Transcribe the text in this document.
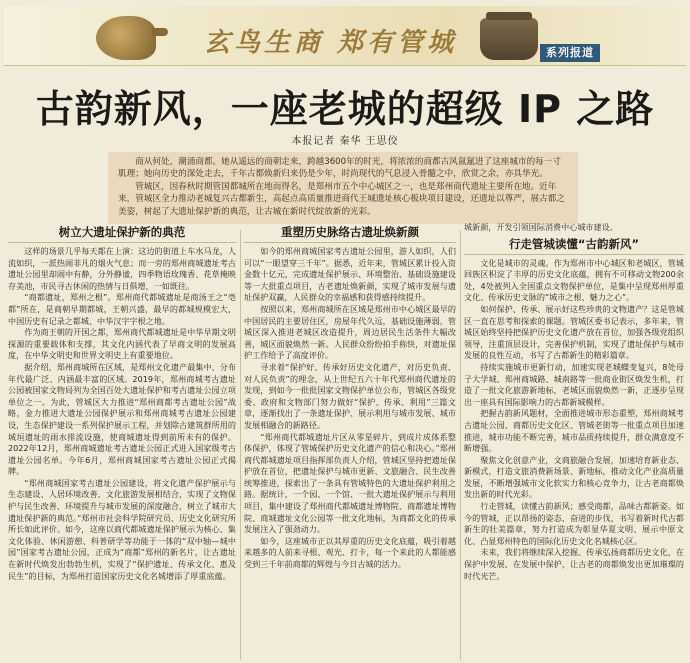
玄鸟生商 郑有管城	系列报道
古韵新风，一座老城的超级 IP 之路
本报记者 秦华 王思佼

商从何处，潮涌商都。她从遥远的商朝走来，跨越3600年的时光，将浓浓的商都古风氤氲进了这座城市的每一寸肌理；她向历史的深处走去，千年古都焕新归来仍是少年，时尚现代的气息浸入骨髓之中，欣赏之余，亦具华光。

管城区，因春秋时期管国都城所在地而得名，是郑州市五个中心城区之一，也是郑州商代遗址主要所在地。近年来，管城区全力推动老城复兴古都新生，高起点高质量推进商代王城遗址核心板块项目建设，还遗址以尊严，展古都之美姿，树起了大遗址保护新的典范，让古城在新时代绽放新的光彩。

树立大遗址保护新的典范

这样的场景几乎每天都在上演：这边的街道上车水马龙，人流如织，一派热闹非凡的烟火气息；而一旁的郑州商城遗址考古遗址公园里却闹中有静，分外静谧，四季物语玫瑰香、花草掩映存美池，市民寻古休闲的热情与日俱增，一如既往。

“商都遗址，郑州之根”。郑州商代都城遗址是商汤王之“亳都”所在，是商朝早期都城，王朝兴盛，最早的都城规模宏大，中国历史有记录之都城、中华汉字字根之地。

作为商王朝的开国之都，郑州商代都城遗址是中华早期文明探源的重要载体和支撑，其文化内涵代表了早商文明的发展高度，在中华文明史和世界文明史上有重要地位。

据介绍，郑州商城所在区域，是郑州文化遗产最集中、分布年代最广泛、内涵最丰富的区域。2019年，郑州商城考古遗址公园被国家文物局列为全国百处大遗址保护和考古遗址公园立项单位之一。为此，管城区大力推进“郑州商都考古遗址公园”战略，金力推进大遗址公园保护展示和郑州商城考古遗址公园建设，生态保护建设一系列保护展示工程，并划除古建筑群所用的城垣遗址的雨水排流设施，使商城遗址得到前所未有的保护。2022年12月，郑州商城遗址考古遗址公园正式进入国家级考古遗址公园名单。今年6月，郑州商城国家考古遗址公园正式揭牌。

“郑州商城国家考古遗址公园建设，将文化遗产保护展示与生态建设、人居环境改善、文化旅游发展相结合，实现了文物保护与民生改善、环境提升与城市发展的深度融合，树立了城市大遗址保护新的典范。”郑州市社会科学院研究员、历史文化研究所所长如此评价。如今，这座以商代都城遗址保护展示为核心、集文化体验、休闲游憩、科普研学等功能于一体的“双中轴—城中园”国家考古遗址公园，正成为“商都”郑州的新名片，让古遗址在新时代焕发出勃勃生机，实现了“保护遗址、传承文化、惠及民生”的目标，为郑州打造国家历史文化名城增添了厚重底蕴。

重塑历史脉络古遗址焕新颜

如今的郑州商城国家考古遗址公园里，游人如织，人们可以“一眼望穿三千年”。据悉，近年来，管城区累计投入资金数十亿元，完成遗址保护展示、环境整治、基础设施建设等一大批重点项目，古老遗址焕新颜，实现了城市发展与遗址保护双赢，人民群众的幸福感和获得感持续提升。

按照以来，郑州商城所在区域是郑州市中心城区最早的中国居民的主要居住区，房屋年代久远，基础设施薄弱，管城区深入推进老城区改造提升，周边居民生活条件大幅改善，城区面貌焕然一新。人民群众纷纷拍手称快，对遗址保护工作给予了高度评价。

寻求着“保护好、传承好历史文化遗产，对历史负责、对人民负责”的理念，从上世纪五六十年代郑州商代遗址的发现，到如今一批批国家文物保护单位公布，管城区各级党委、政府和文物部门努力做好“保护、传承、利用”三篇文章，逐渐找出了一条遗址保护、展示利用与城市发展、城市发展相融合的新路径。

“郑州商代都城遗址片区从零星碎片，到成片成体系整体保护，体现了管城保护历史文化遗产的信心和决心。”郑州商代都城遗址项目指挥部负责人介绍，管城区坚持把遗址保护放在首位，把遗址保护与城市更新、文旅融合、民生改善统筹推进，探索出了一条具有管城特色的大遗址保护利用之路。据统计，一个园、一个馆、一批大遗址保护展示与利用项目，集中建设了郑州商代都城遗址博物院、商都遗址博物院、商城遗址文化公园等一批文化地标，为商都文化的传承发展注入了强劲动力。

如今，这座城市正以其厚重的历史文化底蕴，吸引着越来越多的人前来寻根、观光、打卡，每一个来此的人都能感受到三千年前商都的辉煌与今日古城的活力。

城新颜，开发引领国际消费中心城市建设。

行走管城读懂“古韵新风”

文化是城市的灵魂。作为郑州市中心城区和老城区，管城回族区积淀了丰厚的历史文化底蕴，拥有不可移动文物200余处，4处被列入全国重点文物保护单位，是集中呈现郑州厚重文化、传承历史文脉的“城市之根、魅力之心”。

如何保护、传承、展示好这些珍贵的文物遗产？这是管城区一直在思考和探索的课题。管城区委书记表示，多年来，管城区始终坚持把保护历史文化遗产放在首位，加强各级党组织领导，注重顶层设计，完善保护机制，实现了遗址保护与城市发展的良性互动，书写了古都新生的精彩篇章。

持续实施城市更新行动，加速实现老城蝶变复兴，8处母子大学城、郑州商城路、城南路等一批商业街区焕发生机，打造了一批文化旅游新地标，老城区面貌焕然一新，正逐步呈现出一座具有国际影响力的古都新城模样。

把握古韵新风题材，全面推进城市形态重塑，郑州商城考古遗址公园、商都历史文化区、管城老街等一批重点项目加速推进，城市功能不断完善，城市品质持续提升，群众满意度不断增强。

聚焦文化创意产业，文商旅融合发展，加速培育新业态、新模式，打造文旅消费新场景、新地标，推动文化产业高质量发展，不断增强城市文化软实力和核心竞争力，让古老商都焕发出新的时代光彩。

行走管城，读懂古韵新风；感受商都，品味古都新姿。如今的管城，正以昂扬的姿态、奋进的步伐，书写着新时代古都新生的壮美篇章，努力打造成为彰显华夏文明、展示中原文化、凸显郑州特色的国际化历史文化名城核心区。

未来，我们将继续深入挖掘、传承弘扬商都历史文化，在保护中发展、在发展中保护，让古老的商都焕发出更加璀璨的时代光芒。
